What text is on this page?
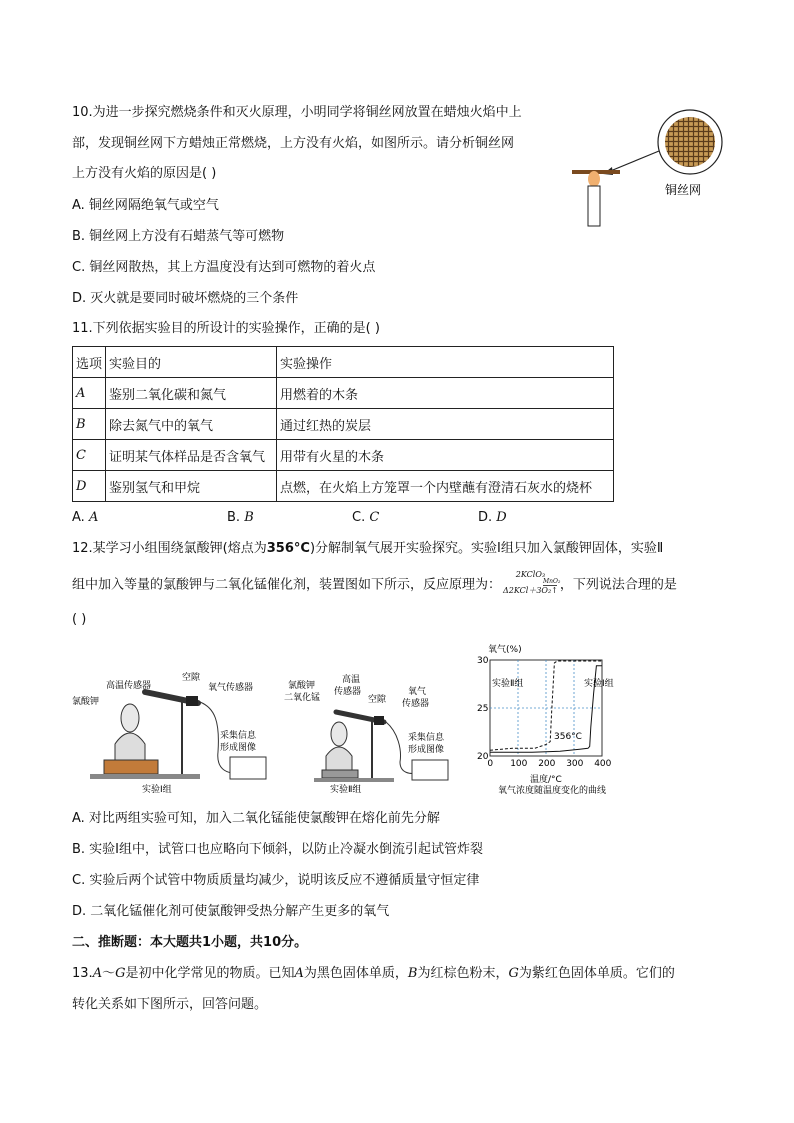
10.为进一步探究燃烧条件和灭火原理，小明同学将铜丝网放置在蜡烛火焰中上
部，发现铜丝网下方蜡烛正常燃烧，上方没有火焰，如图所示。请分析铜丝网
上方没有火焰的原因是( )
铜丝网
A. 铜丝网隔绝氧气或空气
B. 铜丝网上方没有石蜡蒸气等可燃物
C. 铜丝网散热，其上方温度没有达到可燃物的着火点
D. 灭火就是要同时破坏燃烧的三个条件
11.下列依据实验目的所设计的实验操作，正确的是( )
选项	实验目的	实验操作
A	鉴别二氧化碳和氮气	用燃着的木条
B	除去氮气中的氧气	通过红热的炭层
C	证明某气体样品是否含氧气	用带有火星的木条
D	鉴别氢气和甲烷	点燃，在火焰上方笼罩一个内壁蘸有澄清石灰水的烧杯
A. A	B. B	C. C	D. D
12.某学习小组围绕氯酸钾(熔点为356°C)分解制氧气展开实验探究。实验Ⅰ组只加入氯酸钾固体，实验Ⅱ
组中加入等量的氯酸钾与二氧化锰催化剂，装置图如下所示，反应原理为：
2KClO₃
MnO₂
Δ2KCl＋3O₂↑ ，下列说法合理的是
( )
高温传感器
空隙
氧气传感器
氯酸钾
采集信息
形成图像
实验Ⅰ组
氯酸钾
二氧化锰
高温
传感器
空隙
氧气
传感器
采集信息
形成图像
实验Ⅱ组
氧气(%)
20
25
30
0 100 200 300 400
温度/°C
氧气浓度随温度变化的曲线
实验Ⅱ组	实验Ⅰ组
356°C
A. 对比两组实验可知，加入二氧化锰能使氯酸钾在熔化前先分解
B. 实验Ⅰ组中，试管口也应略向下倾斜，以防止冷凝水倒流引起试管炸裂
C. 实验后两个试管中物质质量均减少，说明该反应不遵循质量守恒定律
D. 二氧化锰催化剂可使氯酸钾受热分解产生更多的氧气
二、推断题：本大题共1小题，共10分。
13.A～G是初中化学常见的物质。已知A为黑色固体单质，B为红棕色粉末，G为紫红色固体单质。它们的
转化关系如下图所示，回答问题。
